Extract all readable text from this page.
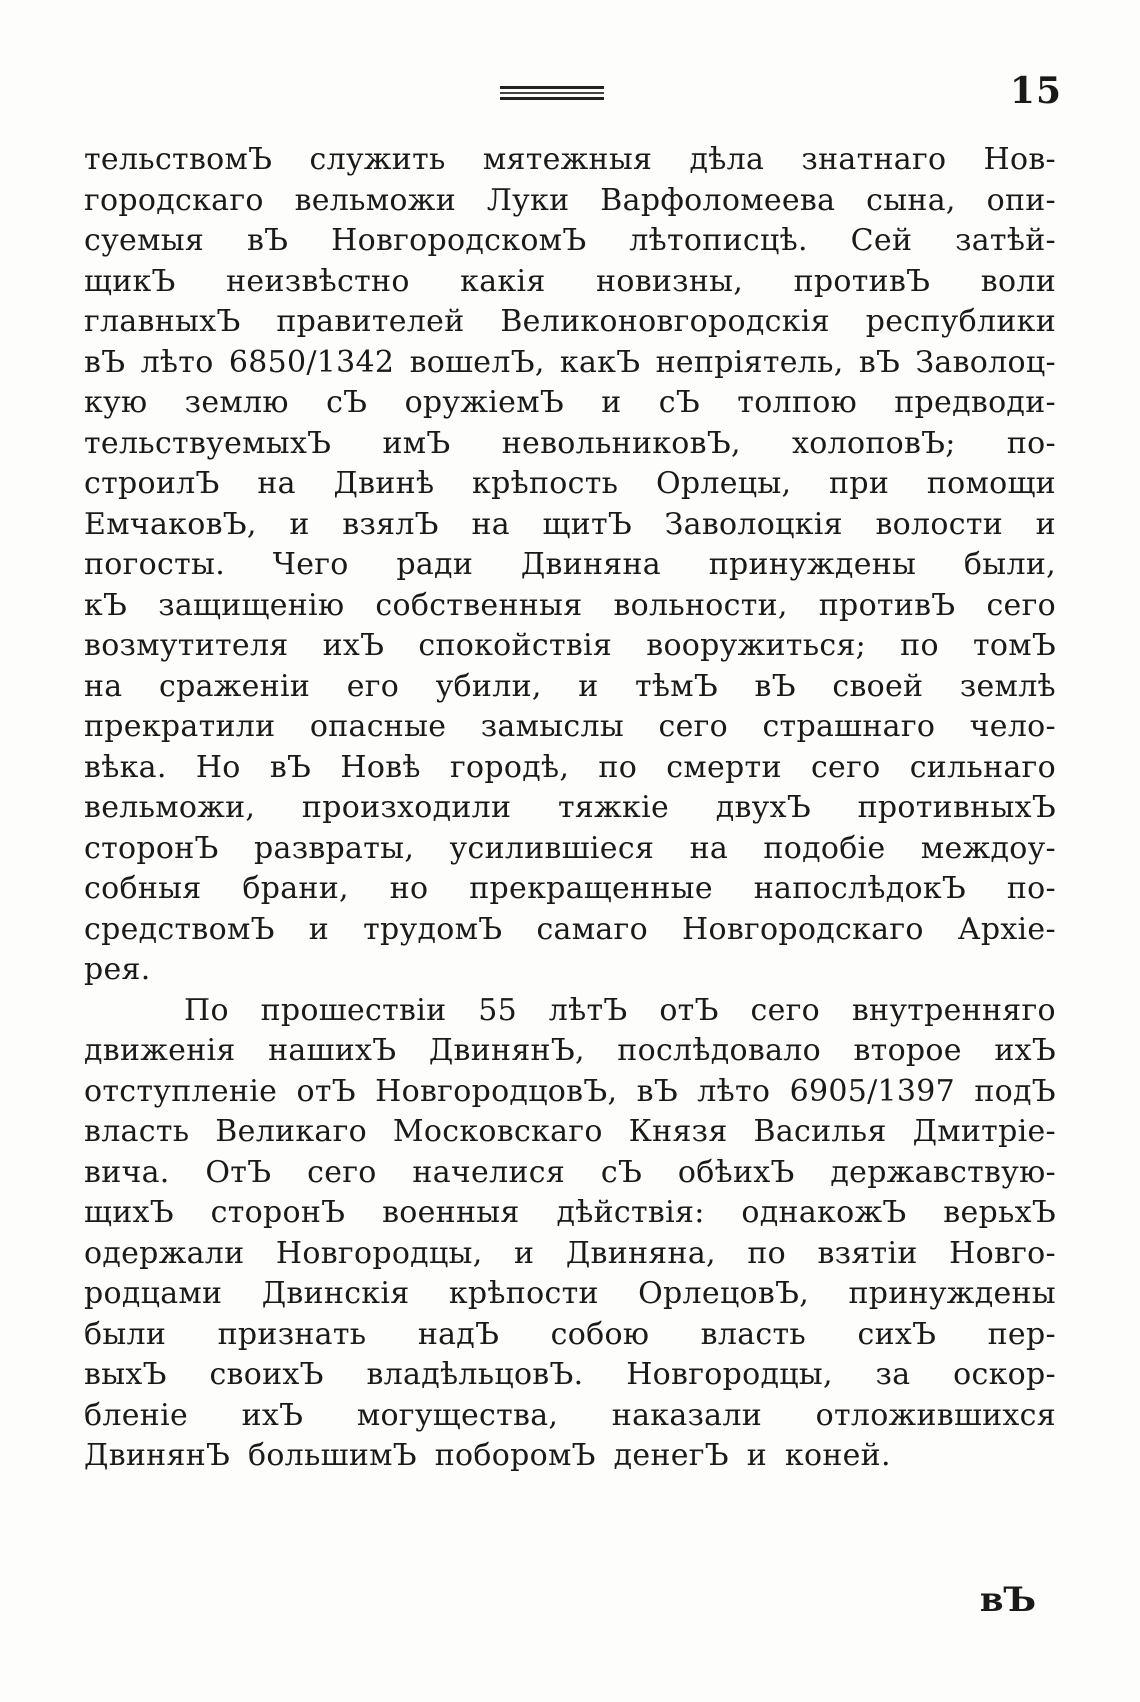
15
тельствомЪ служить мятежныя дѣла знатнаго Нов-
городскаго вельможи Луки Варфоломеева сына, опи-
суемыя вЪ НовгородскомЪ лѣтописцѣ. Сей затѣй-
щикЪ неизвѣстно какія новизны, противЪ воли
главныхЪ правителей Великоновгородскія республики
вЪ лѣто 6850/1342 вошелЪ, какЪ непріятель, вЪ Заволоц-
кую землю сЪ оружіемЪ и сЪ толпою предводи-
тельствуемыхЪ имЪ невольниковЪ, холоповЪ; по-
строилЪ на Двинѣ крѣпость Орлецы, при помощи
ЕмчаковЪ, и взялЪ на щитЪ Заволоцкія волости и
погосты. Чего ради Двиняна принуждены были,
кЪ защищенію собственныя вольности, противЪ сего
возмутителя ихЪ спокойствія вооружиться; по томЪ
на сраженіи его убили, и тѣмЪ вЪ своей землѣ
прекратили опасные замыслы сего страшнаго чело-
вѣка. Но вЪ Новѣ городѣ, по смерти сего сильнаго
вельможи, произходили тяжкіе двухЪ противныхЪ
сторонЪ развраты, усилившіеся на подобіе междоу-
собныя брани, но прекращенные напослѣдокЪ по-
средствомЪ и трудомЪ самаго Новгородскаго Архіе-
рея.
По прошествіи 55 лѣтЪ отЪ сего внутренняго
движенія нашихЪ ДвинянЪ, послѣдовало второе ихЪ
отступленіе отЪ НовгородцовЪ, вЪ лѣто 6905/1397 подЪ
власть Великаго Московскаго Князя Василья Дмитріе-
вича. ОтЪ сего начелися сЪ обѣихЪ державствую-
щихЪ сторонЪ военныя дѣйствія: однакожЪ верьхЪ
одержали Новгородцы, и Двиняна, по взятіи Новго-
родцами Двинскія крѣпости ОрлецовЪ, принуждены
были признать надЪ собою власть сихЪ пер-
выхЪ своихЪ владѣльцовЪ. Новгородцы, за оскор-
бленіе ихЪ могущества, наказали отложившихся
ДвинянЪ большимЪ поборомЪ денегЪ и коней.
вЪ
